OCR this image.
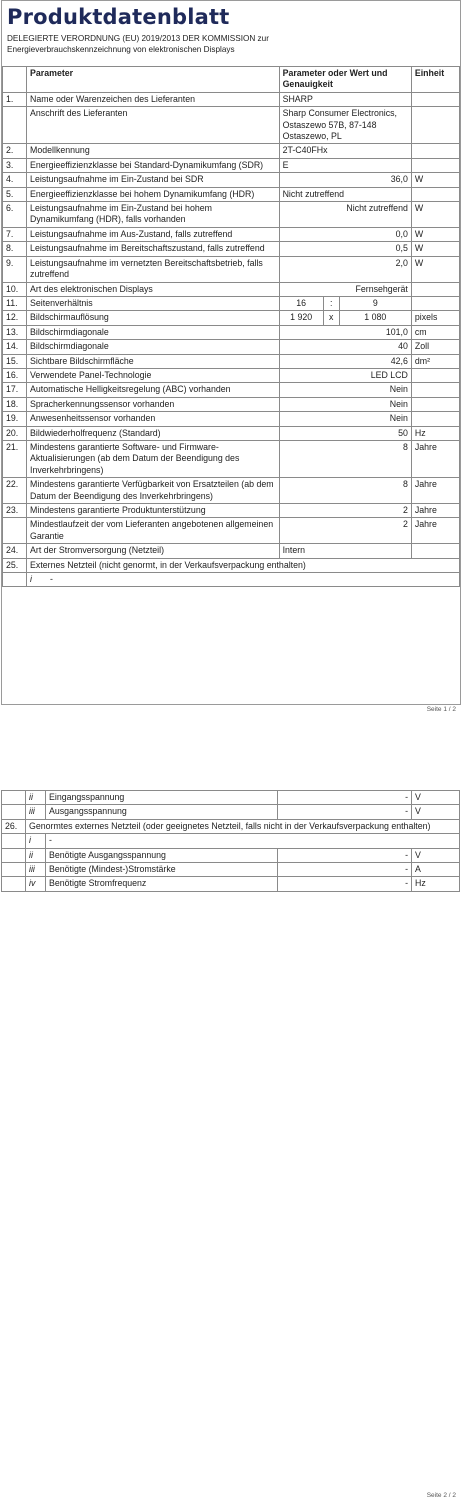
Produktdatenblatt
DELEGIERTE VERORDNUNG (EU) 2019/2013 DER KOMMISSION zur Energieverbrauchskennzeichnung von elektronischen Displays
	Parameter	Parameter oder Wert und Genauigkeit			Einheit
1.	Name oder Warenzeichen des Lieferanten	SHARP			
	Anschrift des Lieferanten	Sharp Consumer Electronics, Ostaszewo 57B, 87-148 Ostaszewo, PL			
2.	Modellkennung	2T-C40FHx			
3.	Energieeffizienzklasse bei Standard-Dynamikumfang (SDR)	E			
4.	Leistungsaufnahme im Ein-Zustand bei SDR	36,0			W
5.	Energieeffizienzklasse bei hohem Dynamikumfang (HDR)	Nicht zutreffend			
6.	Leistungsaufnahme im Ein-Zustand bei hohem Dynamikumfang (HDR), falls vorhanden	Nicht zutreffend			W
7.	Leistungsaufnahme im Aus-Zustand, falls zutreffend	0,0			W
8.	Leistungsaufnahme im Bereitschaftszustand, falls zutreffend	0,5			W
9.	Leistungsaufnahme im vernetzten Bereitschaftsbetrieb, falls zutreffend	2,0			W
10.	Art des elektronischen Displays	Fernsehgerät			
11.	Seitenverhältnis	16	:	9	
12.	Bildschirmauflösung	1 920	x	1 080	pixels
13.	Bildschirmdiagonale	101,0			cm
14.	Bildschirmdiagonale	40			Zoll
15.	Sichtbare Bildschirmfläche	42,6			dm²
16.	Verwendete Panel-Technologie	LED LCD			
17.	Automatische Helligkeitsregelung (ABC) vorhanden	Nein			
18.	Spracherkennungssensor vorhanden	Nein			
19.	Anwesenheitssensor vorhanden	Nein			
20.	Bildwiederholfrequenz (Standard)	50			Hz
21.	Mindestens garantierte Software- und Firmware-Aktualisierungen (ab dem Datum der Beendigung des Inverkehrbringens)	8			Jahre
22.	Mindestens garantierte Verfügbarkeit von Ersatzteilen (ab dem Datum der Beendigung des Inverkehrbringens)	8			Jahre
23.	Mindestens garantierte Produktunterstützung	2			Jahre
	Mindestlaufzeit der vom Lieferanten angebotenen allgemeinen Garantie	2			Jahre
24.	Art der Stromversorgung (Netzteil)	Intern			
25.	Externes Netzteil (nicht genormt, in der Verkaufsverpackung enthalten)				
	i -				
Seite 1 / 2
	ii	Eingangsspannung	-	V
	iii	Ausgangsspannung	-	V
26.	Genormtes externes Netzteil (oder geeignetes Netzteil, falls nicht in der Verkaufsverpackung enthalten)			
	i	-		
	ii	Benötigte Ausgangsspannung	-	V
	iii	Benötigte (Mindest-)Stromstärke	-	A
	iv	Benötigte Stromfrequenz	-	Hz
Seite 2 / 2
